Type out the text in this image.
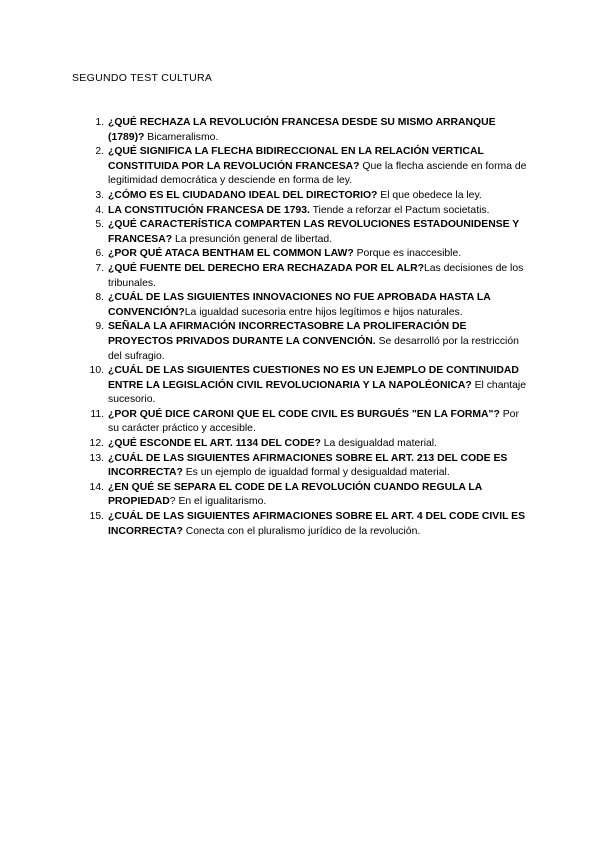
SEGUNDO TEST CULTURA
1. ¿QUÉ RECHAZA LA REVOLUCIÓN FRANCESA DESDE SU MISMO ARRANQUE (1789)? Bicameralismo.
2. ¿QUÉ SIGNIFICA LA FLECHA BIDIRECCIONAL EN LA RELACIÓN VERTICAL CONSTITUIDA POR LA REVOLUCIÓN FRANCESA? Que la flecha asciende en forma de legitimidad democrática y desciende en forma de ley.
3. ¿CÓMO ES EL CIUDADANO IDEAL DEL DIRECTORIO? El que obedece la ley.
4. LA CONSTITUCIÓN FRANCESA DE 1793. Tiende a reforzar el Pactum societatis.
5. ¿QUÉ CARACTERÍSTICA COMPARTEN LAS REVOLUCIONES ESTADOUNIDENSE Y FRANCESA? La presunción general de libertad.
6. ¿POR QUÉ ATACA BENTHAM EL COMMON LAW? Porque es inaccesible.
7. ¿QUÉ FUENTE DEL DERECHO ERA RECHAZADA POR EL ALR?Las decisiones de los tribunales.
8. ¿CUÁL DE LAS SIGUIENTES INNOVACIONES NO FUE APROBADA HASTA LA CONVENCIÓN?La igualdad sucesoria entre hijos legítimos e hijos naturales.
9. SEÑALA LA AFIRMACIÓN INCORRECTASOBRE LA PROLIFERACIÓN DE PROYECTOS PRIVADOS DURANTE LA CONVENCIÓN. Se desarrolló por la restricción del sufragio.
10. ¿CUÁL DE LAS SIGUIENTES CUESTIONES NO ES UN EJEMPLO DE CONTINUIDAD ENTRE LA LEGISLACIÓN CIVIL REVOLUCIONARIA Y LA NAPOLÉONICA? El chantaje sucesorio.
11. ¿POR QUÉ DICE CARONI QUE EL CODE CIVIL ES BURGUÉS "EN LA FORMA"? Por su carácter práctico y accesible.
12. ¿QUÉ ESCONDE EL ART. 1134 DEL CODE? La desigualdad material.
13. ¿CUÁL DE LAS SIGUIENTES AFIRMACIONES SOBRE EL ART. 213 DEL CODE ES INCORRECTA? Es un ejemplo de igualdad formal y desigualdad material.
14. ¿EN QUÉ SE SEPARA EL CODE DE LA REVOLUCIÓN CUANDO REGULA LA PROPIEDAD? En el igualitarismo.
15. ¿CUÁL DE LAS SIGUIENTES AFIRMACIONES SOBRE EL ART. 4 DEL CODE CIVIL ES INCORRECTA? Conecta con el pluralismo jurídico de la revolución.
